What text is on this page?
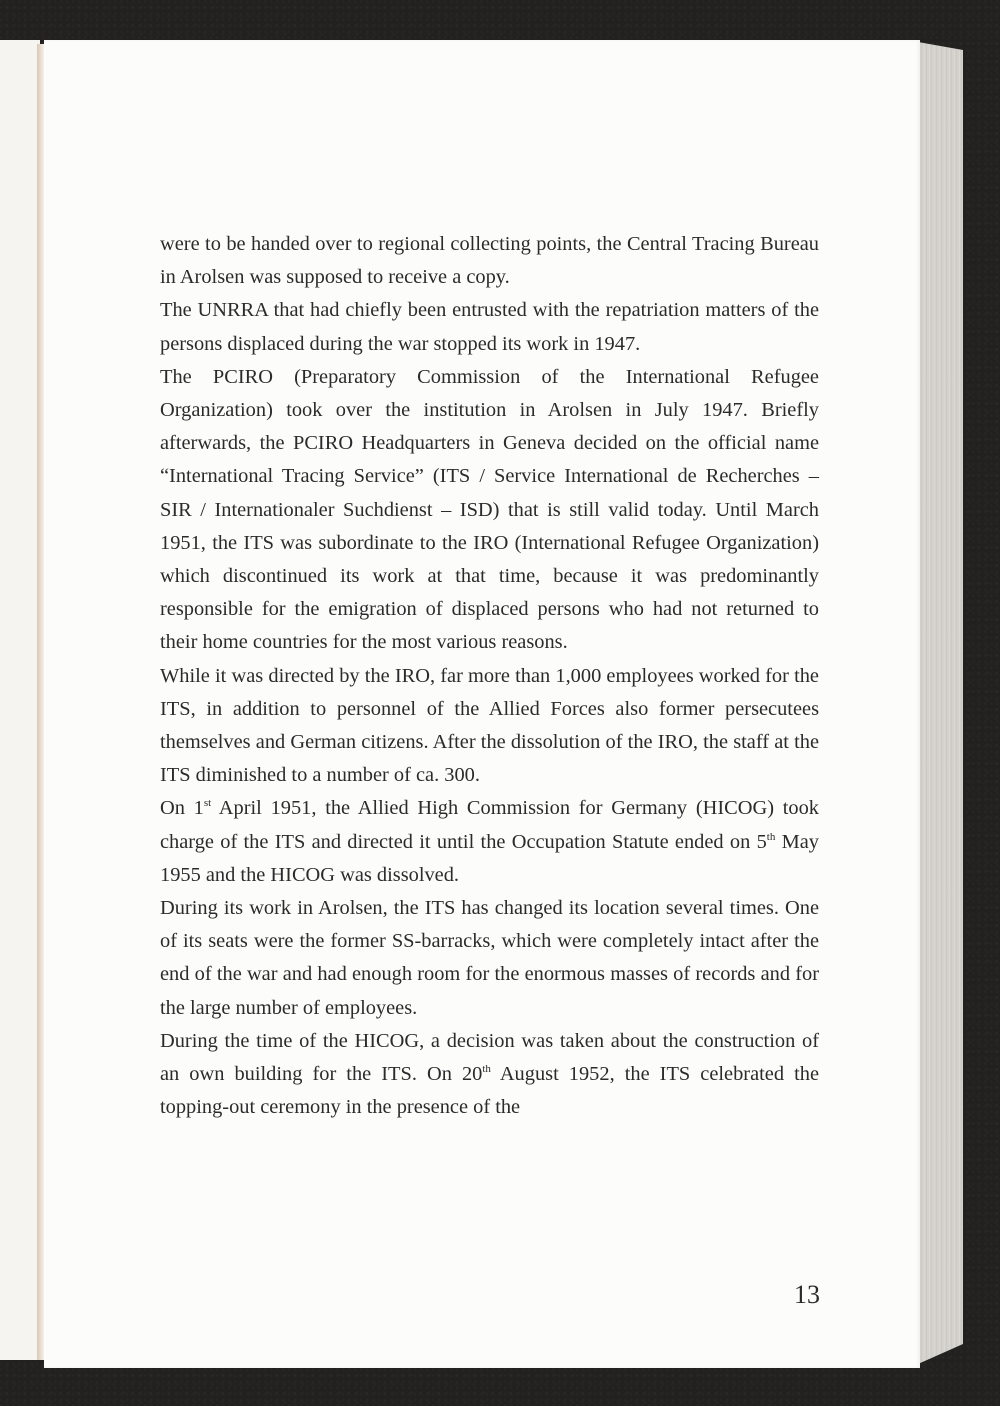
were to be handed over to regional collecting points, the Central Tracing Bureau in Arolsen was supposed to receive a copy.

The UNRRA that had chiefly been entrusted with the repatriation matters of the persons displaced during the war stopped its work in 1947.

The PCIRO (Preparatory Commission of the International Refugee Organization) took over the institution in Arolsen in July 1947. Briefly afterwards, the PCIRO Headquarters in Geneva decided on the official name “International Tracing Service” (ITS / Service International de Recherches – SIR / Internationaler Suchdienst – ISD) that is still valid today. Until March 1951, the ITS was subordinate to the IRO (International Refugee Organization) which discontinued its work at that time, because it was predominantly responsible for the emigration of displaced persons who had not returned to their home countries for the most various reasons.

While it was directed by the IRO, far more than 1,000 employees worked for the ITS, in addition to personnel of the Allied Forces also former persecutees themselves and German citizens. After the dissolution of the IRO, the staff at the ITS diminished to a number of ca. 300.

On 1st April 1951, the Allied High Commission for Germany (HICOG) took charge of the ITS and directed it until the Occupation Statute ended on 5th May 1955 and the HICOG was dissolved.

During its work in Arolsen, the ITS has changed its location several times. One of its seats were the former SS-barracks, which were completely intact after the end of the war and had enough room for the enormous masses of records and for the large number of employees.

During the time of the HICOG, a decision was taken about the construction of an own building for the ITS. On 20th August 1952, the ITS celebrated the topping-out ceremony in the presence of the

13
